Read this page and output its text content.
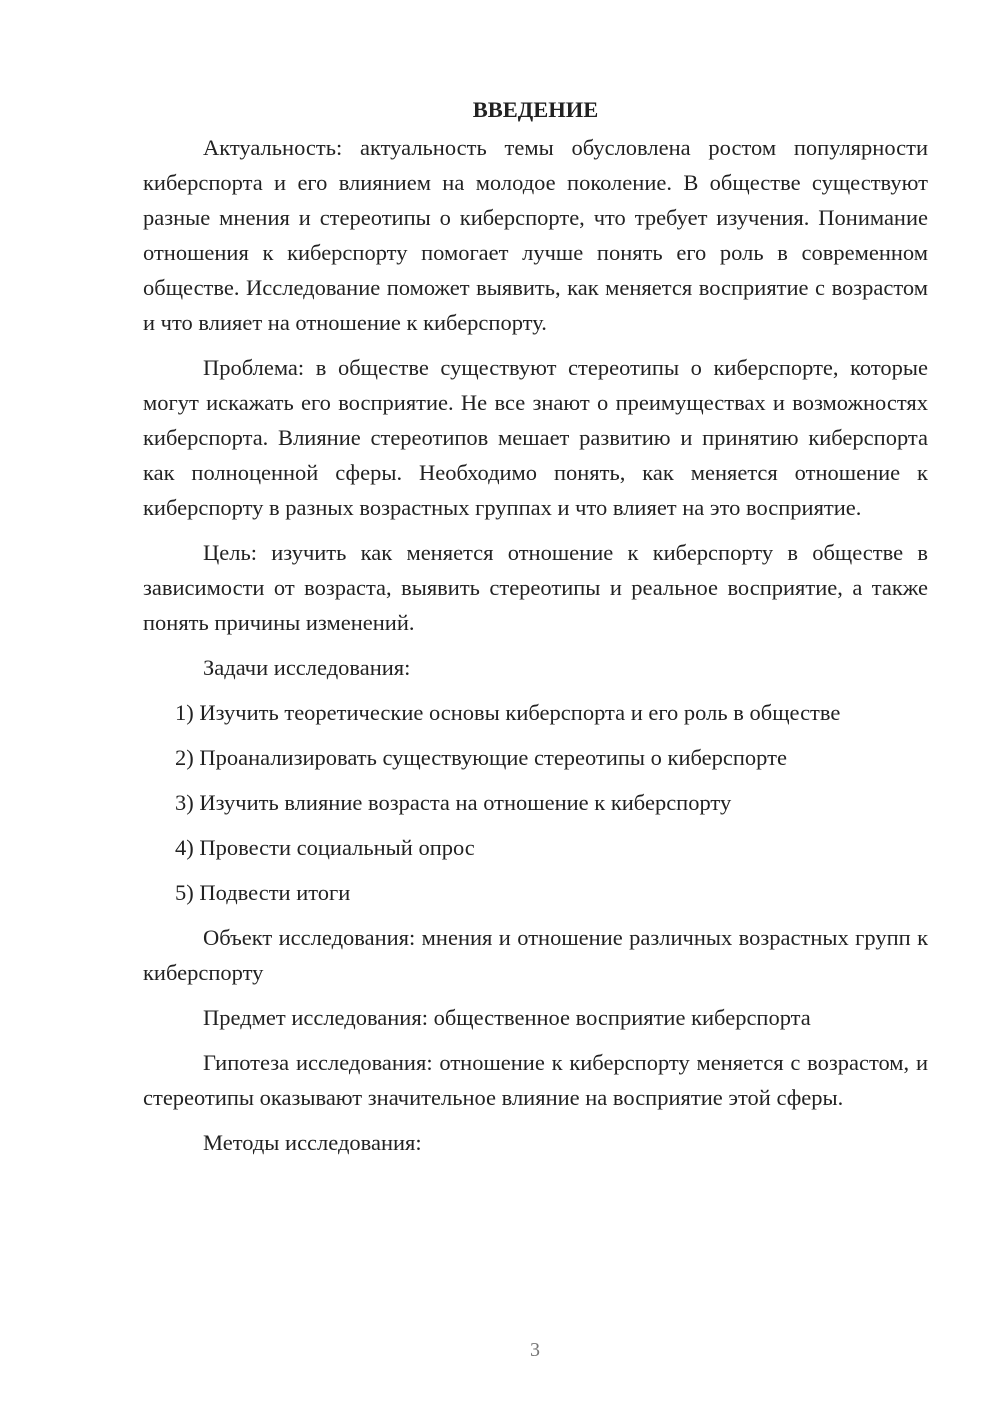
ВВЕДЕНИЕ

Актуальность: актуальность темы обусловлена ростом популярности киберспорта и его влиянием на молодое поколение. В обществе существуют разные мнения и стереотипы о киберспорте, что требует изучения. Понимание отношения к киберспорту помогает лучше понять его роль в современном обществе. Исследование поможет выявить, как меняется восприятие с возрастом и что влияет на отношение к киберспорту.

Проблема: в обществе существуют стереотипы о киберспорте, которые могут искажать его восприятие. Не все знают о преимуществах и возможностях киберспорта. Влияние стереотипов мешает развитию и принятию киберспорта как полноценной сферы. Необходимо понять, как меняется отношение к киберспорту в разных возрастных группах и что влияет на это восприятие.

Цель: изучить как меняется отношение к киберспорту в обществе в зависимости от возраста, выявить стереотипы и реальное восприятие, а также понять причины изменений.

Задачи исследования:

1) Изучить теоретические основы киберспорта и его роль в обществе
2) Проанализировать существующие стереотипы о киберспорте
3) Изучить влияние возраста на отношение к киберспорту
4) Провести социальный опрос
5) Подвести итоги

Объект исследования: мнения и отношение различных возрастных групп к киберспорту

Предмет исследования: общественное восприятие киберспорта

Гипотеза исследования: отношение к киберспорту меняется с возрастом, и стереотипы оказывают значительное влияние на восприятие этой сферы.

Методы исследования:

3
